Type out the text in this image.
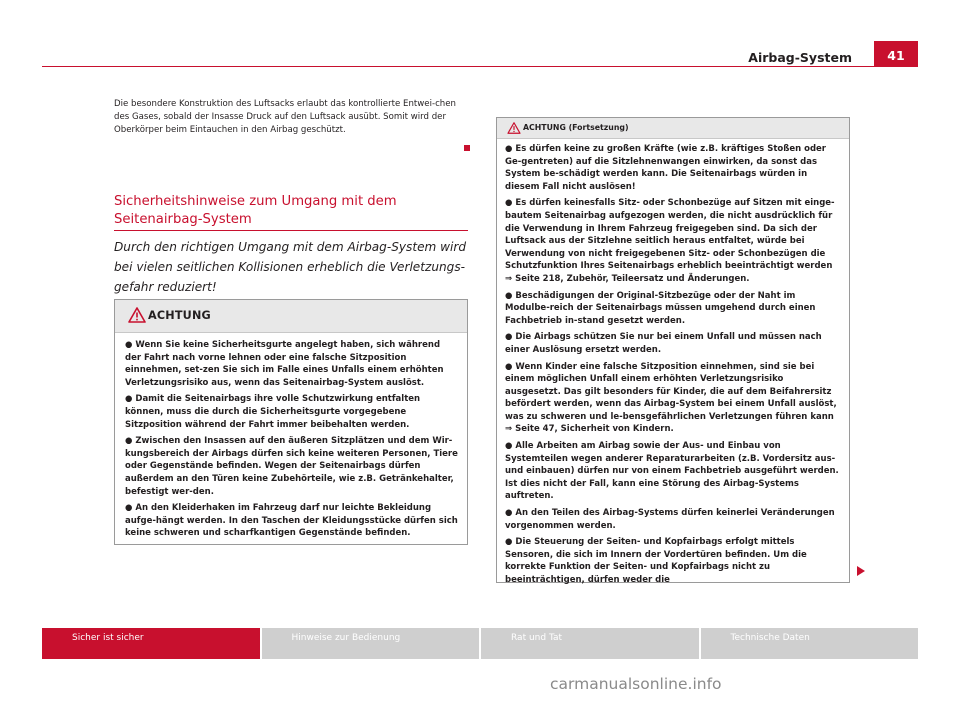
Airbag-System	41

Die besondere Konstruktion des Luftsacks erlaubt das kontrollierte Entwei-chen des Gases, sobald der Insasse Druck auf den Luftsack ausübt. Somit wird der Oberkörper beim Eintauchen in den Airbag geschützt.

Sicherheitshinweise zum Umgang mit dem Seitenairbag-System

Durch den richtigen Umgang mit dem Airbag-System wird bei vielen seitlichen Kollisionen erheblich die Verletzungs-gefahr reduziert!

ACHTUNG

● Wenn Sie keine Sicherheitsgurte angelegt haben, sich während der Fahrt nach vorne lehnen oder eine falsche Sitzposition einnehmen, set-zen Sie sich im Falle eines Unfalls einem erhöhten Verletzungsrisiko aus, wenn das Seitenairbag-System auslöst.

● Damit die Seitenairbags ihre volle Schutzwirkung entfalten können, muss die durch die Sicherheitsgurte vorgegebene Sitzposition während der Fahrt immer beibehalten werden.

● Zwischen den Insassen auf den äußeren Sitzplätzen und dem Wir-kungsbereich der Airbags dürfen sich keine weiteren Personen, Tiere oder Gegenstände befinden. Wegen der Seitenairbags dürfen außerdem an den Türen keine Zubehörteile, wie z.B. Getränkehalter, befestigt wer-den.

● An den Kleiderhaken im Fahrzeug darf nur leichte Bekleidung aufge-hängt werden. In den Taschen der Kleidungsstücke dürfen sich keine schweren und scharfkantigen Gegenstände befinden.

ACHTUNG (Fortsetzung)

● Es dürfen keine zu großen Kräfte (wie z.B. kräftiges Stoßen oder Ge-gentreten) auf die Sitzlehnenwangen einwirken, da sonst das System be-schädigt werden kann. Die Seitenairbags würden in diesem Fall nicht auslösen!

● Es dürfen keinesfalls Sitz- oder Schonbezüge auf Sitzen mit einge-bautem Seitenairbag aufgezogen werden, die nicht ausdrücklich für die Verwendung in Ihrem Fahrzeug freigegeben sind. Da sich der Luftsack aus der Sitzlehne seitlich heraus entfaltet, würde bei Verwendung von nicht freigegebenen Sitz- oder Schonbezügen die Schutzfunktion Ihres Seitenairbags erheblich beeinträchtigt werden ⇒ Seite 218, Zubehör, Teileersatz und Änderungen.

● Beschädigungen der Original-Sitzbezüge oder der Naht im Modulbe-reich der Seitenairbags müssen umgehend durch einen Fachbetrieb in-stand gesetzt werden.

● Die Airbags schützen Sie nur bei einem Unfall und müssen nach einer Auslösung ersetzt werden.

● Wenn Kinder eine falsche Sitzposition einnehmen, sind sie bei einem möglichen Unfall einem erhöhten Verletzungsrisiko ausgesetzt. Das gilt besonders für Kinder, die auf dem Beifahrersitz befördert werden, wenn das Airbag-System bei einem Unfall auslöst, was zu schweren und le-bensgefährlichen Verletzungen führen kann ⇒ Seite 47, Sicherheit von Kindern.

● Alle Arbeiten am Airbag sowie der Aus- und Einbau von Systemteilen wegen anderer Reparaturarbeiten (z.B. Vordersitz aus- und einbauen) dürfen nur von einem Fachbetrieb ausgeführt werden. Ist dies nicht der Fall, kann eine Störung des Airbag-Systems auftreten.

● An den Teilen des Airbag-Systems dürfen keinerlei Veränderungen vorgenommen werden.

● Die Steuerung der Seiten- und Kopfairbags erfolgt mittels Sensoren, die sich im Innern der Vordertüren befinden. Um die korrekte Funktion der Seiten- und Kopfairbags nicht zu beeinträchtigen, dürfen weder die

Sicher ist sicher	Hinweise zur Bedienung	Rat und Tat	Technische Daten
carmanualsonline.info
